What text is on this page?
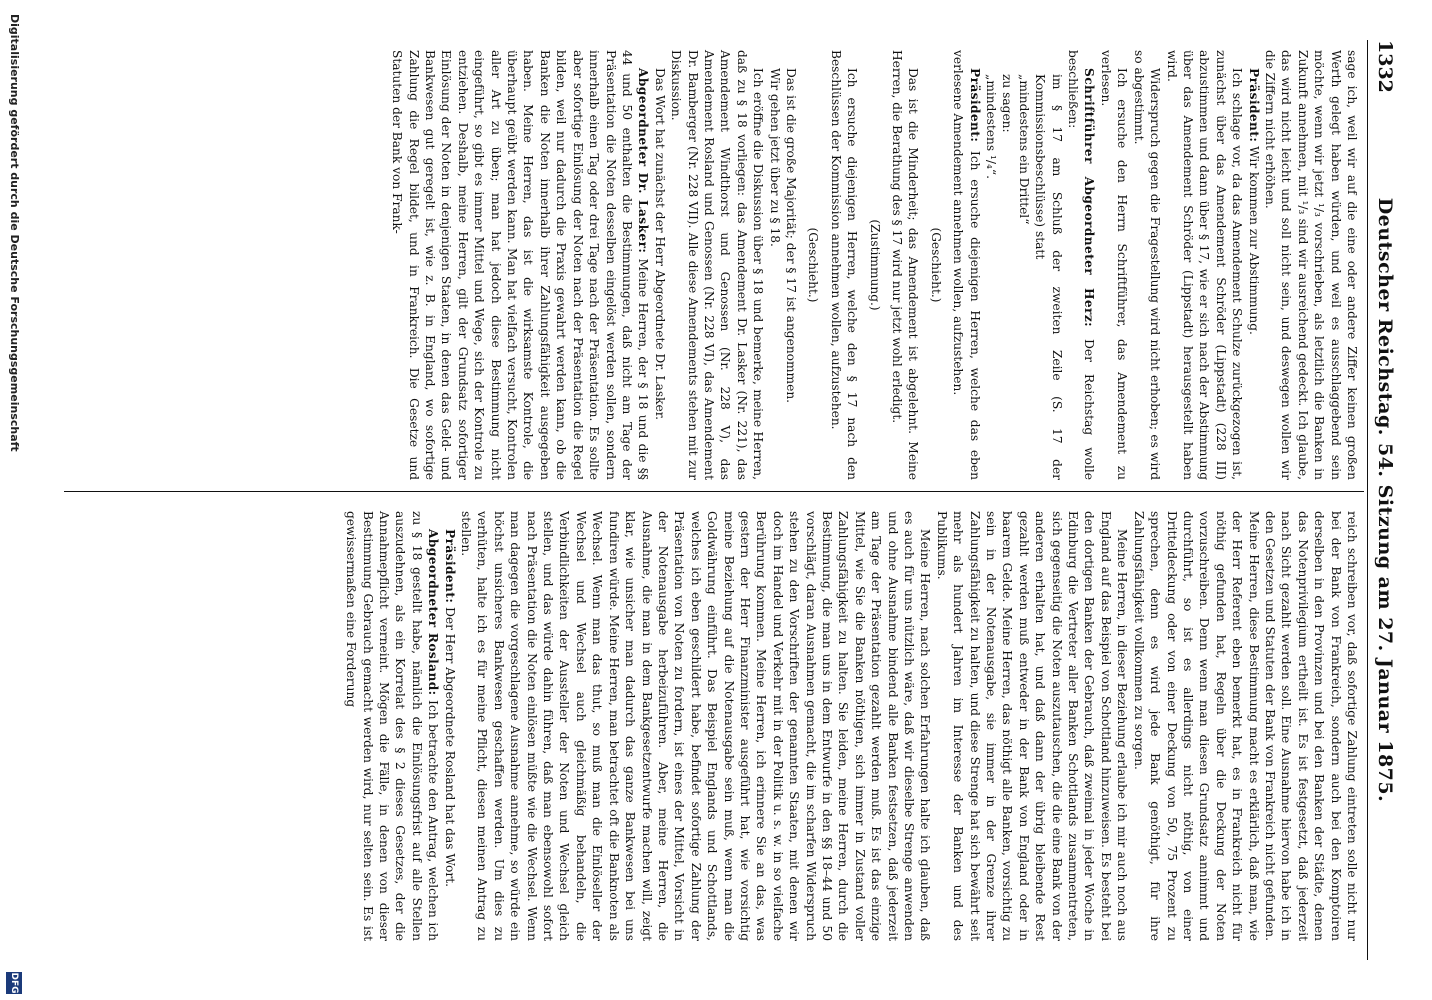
1332
Deutscher Reichstag. 54. Sitzung am 27. Januar 1875.

sage ich, weil wir auf die eine oder andere Ziffer keinen großen Werth gelegt haben würden, und weil es ausschlaggebend sein möchte, wenn wir jetzt ¹/₃ vorschrieben, als letztlich die Banken in Zukunft annehmen, mit ¹/₃ sind wir ausreichend gedeckt. Ich glaube, das wird nicht leicht und soll nicht sein, und deswegen wollen wir die Ziffern nicht erhöhen.

Präsident: Wir kommen zur Abstimmung.

Ich schlage vor, da das Amendement Schulze zurückgezogen ist, zunächst über das Amendement Schröder (Lippstadt) (228 III) abzustimmen und dann über § 17, wie er sich nach der Abstimmung über das Amendement Schröder (Lippstadt) herausgestellt haben wird.

Widerspruch gegen die Fragestellung wird nicht erhoben; es wird so abgestimmt.

Ich ersuche den Herrn Schriftführer, das Amendement zu verlesen.

Schriftführer Abgeordneter Herz: Der Reichstag wolle beschließen:

im § 17 am Schluß der zweiten Zeile (S. 17 der Kommissionsbeschlüsse) statt

„mindestens ein Drittel“

zu sagen:

„mindestens ¹/₄“.

Präsident: Ich ersuche diejenigen Herren, welche das eben verlesene Amendement annehmen wollen, aufzustehen.

(Geschieht.)

Das ist die Minderheit; das Amendement ist abgelehnt. Meine Herren, die Berathung des § 17 wird nur jetzt wohl erledigt.

(Zustimmung.)

Ich ersuche diejenigen Herren, welche den § 17 nach den Beschlüssen der Kommission annehmen wollen, aufzustehen.

(Geschieht.)

Das ist die große Majorität; der § 17 ist angenommen.

Wir gehen jetzt über zu § 18.

Ich eröffne die Diskussion über § 18 und bemerke, meine Herren, daß zu § 18 vorliegen: das Amendement Dr. Lasker (Nr. 221), das Amendement Windthorst und Genossen (Nr. 228 V), das Amendement Rosland und Genossen (Nr. 228 VI), das Amendement Dr. Bamberger (Nr. 228 VII). Alle diese Amendements stehen mit zur Diskussion.

Das Wort hat zunächst der Herr Abgeordnete Dr. Lasker.

Abgeordneter Dr. Lasker: Meine Herren, der § 18 und die §§ 44 und 50 enthalten die Bestimmungen, daß nicht am Tage der Präsentation die Noten desselben eingelöst werden sollen, sondern innerhalb einen Tag oder drei Tage nach der Präsentation. Es sollte aber sofortige Einlösung der Noten nach der Präsentation die Regel bilden, weil nur dadurch die Praxis gewahrt werden kann, ob die Banken die Noten innerhalb ihrer Zahlungsfähigkeit ausgegeben haben. Meine Herren, das ist die wirksamste Kontrole, die überhaupt geübt werden kann. Man hat vielfach versucht, Kontrolen aller Art zu üben; man hat jedoch diese Bestimmung nicht eingeführt, so gibt es immer Mittel und Wege, sich der Kontrole zu entziehen. Deshalb, meine Herren, gilt der Grundsatz sofortiger Einlösung der Noten in denjenigen Staaten, in denen das Geld- und Bankwesen gut geregelt ist, wie z. B. in England, wo sofortige Zahlung die Regel bildet, und in Frankreich. Die Gesetze und Statuten der Bank von Frank-

reich schreiben vor, daß sofortige Zahlung eintreten solle nicht nur bei der Bank von Frankreich, sondern auch bei den Komptoiren derselben in den Provinzen und bei den Banken der Städte, denen das Notenprivilegium ertheilt ist. Es ist festgesetzt, daß jederzeit nach Sicht gezahlt werden soll. Eine Ausnahme hiervon habe ich in den Gesetzen und Statuten der Bank von Frankreich nicht gefunden. Meine Herren, diese Bestimmung macht es erklärlich, daß man, wie der Herr Referent eben bemerkt hat, es in Frankreich nicht für nöthig gefunden hat, Regeln über die Deckung der Noten vorzuschreiben. Denn wenn man diesen Grundsatz annimmt und durchführt, so ist es allerdings nicht nöthig, von einer Dritteldeckung oder von einer Deckung von 50, 75 Prozent zu sprechen, denn es wird jede Bank genöthigt, für ihre Zahlungsfähigkeit vollkommen zu sorgen.

Meine Herren, in dieser Beziehung erlaube ich mir auch noch aus England auf das Beispiel von Schottland hinzuweisen. Es besteht bei den dortigen Banken der Gebrauch, daß zweimal in jeder Woche in Edinburg die Vertreter aller Banken Schottlands zusammentreten, sich gegenseitig die Noten auszutauschen, die die eine Bank von der anderen erhalten hat, und daß dann der übrig bleibende Rest gezahlt werden muß entweder in der Bank von England oder in baarem Gelde. Meine Herren, das nöthigt alle Banken, vorsichtig zu sein in der Notenausgabe, sie immer in der Grenze ihrer Zahlungsfähigkeit zu halten, und diese Strenge hat sich bewährt seit mehr als hundert Jahren im Interesse der Banken und des Publikums.

Meine Herren, nach solchen Erfahrungen halte ich glauben, daß es auch für uns nützlich wäre, daß wir dieselbe Strenge anwenden und ohne Ausnahme bindend alle Banken festsetzen, daß jederzeit am Tage der Präsentation gezahlt werden muß. Es ist das einzige Mittel, wie Sie die Banken nöthigen, sich immer in Zustand voller Zahlungsfähigkeit zu halten. Sie leiden, meine Herren, durch die Bestimmung, die man uns in dem Entwurfe in den §§ 18–44 und 50 vorschlägt, daran Ausnahmen gemacht, die im scharfen Widerspruch stehen zu den Vorschriften der genannten Staaten, mit denen wir doch im Handel und Verkehr mit in der Politik u. s. w. in so vielfache Berührung kommen. Meine Herren, ich erinnere Sie an das, was gestern der Herr Finanzminister ausgeführt hat, wie vorsichtig meine Beziehung auf die Notenausgabe sein muß, wenn man die Goldwährung einführt. Das Beispiel Englands und Schottlands, welches ich eben geschildert habe, befindet sofortige Zahlung der Präsentation von Noten zu fordern, ist eines der Mittel, Vorsicht in der Notenausgabe herbeizuführen. Aber, meine Herren, die Ausnahme, die man in dem Bankgesetzentwurfe machen will, zeigt klar, wie unsicher man dadurch das ganze Bankwesen bei uns fundiren würde. Meine Herren, man betrachtet oft die Banknoten als Wechsel. Wenn man das thut, so muß man die Einlöseller der Wechsel und Wechsel auch gleichmäßig behandeln, die Verbindlichkeiten der Aussteller der Noten und Wechsel gleich stellen, und das würde dahin führen, daß man ebensowohl sofort nach Präsentation die Noten einlösen müßte wie die Wechsel. Wenn man dagegen die vorgeschlagene Ausnahme annehme, so würde ein höchst unsicheres Bankwesen geschaffen werden. Um dies zu verhüten, halte ich es für meine Pflicht, diesen meinen Antrag zu stellen.

Präsident: Der Herr Abgeordnete Rosland hat das Wort.

Abgeordneter Rosland: Ich betrachte den Antrag, welchen ich zu § 18 gestellt habe, nämlich die Einlösungsfrist auf alle Stellen auszudehnen, als ein Korrelat des § 2 dieses Gesetzes, der die Annahmepflicht verneint. Mögen die Fälle, in denen von dieser Bestimmung Gebrauch gemacht werden wird, nur selten sein. Es ist gewissermaßen eine Forderung

Digitalisierung gefördert durch die Deutsche Forschungsgemeinschaft
DFG
